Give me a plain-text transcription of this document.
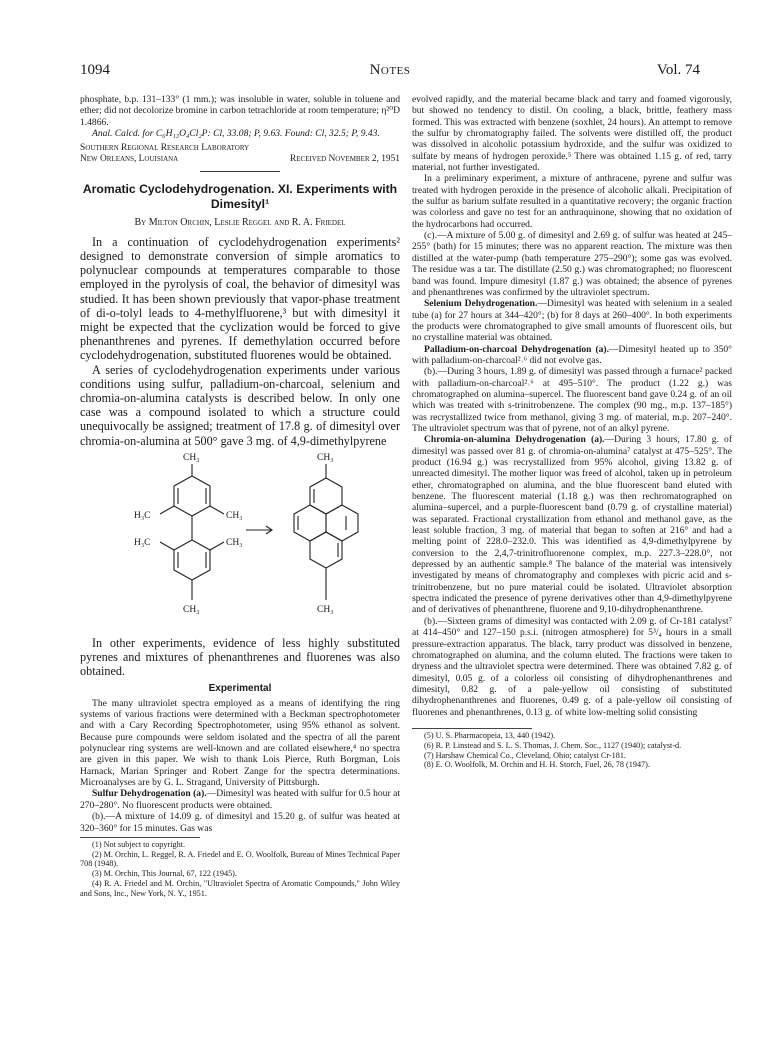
1094	Notes	Vol. 74

phosphate, b.p. 131–133° (1 mm.); was insoluble in water, soluble in toluene and ether; did not decolorize bromine in carbon tetrachloride at room temperature; η²⁰D 1.4866.

Anal. Calcd. for C₆H₁₃O₄Cl₂P: Cl, 33.08; P, 9.63. Found: Cl, 32.5; P, 9.43.

Southern Regional Research Laboratory

New Orleans, Louisiana	Received November 2, 1951
Aromatic Cyclodehydrogenation. XI. Experiments with Dimesityl¹
By Milton Orchin, Leslie Reggel and R. A. Friedel

In a continuation of cyclodehydrogenation experiments² designed to demonstrate conversion of simple aromatics to polynuclear compounds at temperatures comparable to those employed in the pyrolysis of coal, the behavior of dimesityl was studied. It has been shown previously that vapor-phase treatment of di-o-tolyl leads to 4-methylfluorene,³ but with dimesityl it might be expected that the cyclization would be forced to give phenanthrenes and pyrenes. If demethylation occurred before cyclodehydrogenation, substituted fluorenes would be obtained.

A series of cyclodehydrogenation experiments under various conditions using sulfur, palladium-on-charcoal, selenium and chromia-on-alumina catalysts is described below. In only one case was a compound isolated to which a structure could unequivocally be assigned; treatment of 17.8 g. of dimesityl over chromia-on-alumina at 500° gave 3 mg. of 4,9-dimethylpyrene

CH₃	CH₃
H₃C	CH₃
H₃C	CH₃
CH₃	CH₃

In other experiments, evidence of less highly substituted pyrenes and mixtures of phenanthrenes and fluorenes was also obtained.

Experimental

The many ultraviolet spectra employed as a means of identifying the ring systems of various fractions were determined with a Beckman spectrophotometer and with a Cary Recording Spectrophotometer, using 95% ethanol as solvent. Because pure compounds were seldom isolated and the spectra of all the parent polynuclear ring systems are well-known and are collated elsewhere,⁴ no spectra are given in this paper. We wish to thank Lois Pierce, Ruth Borgman, Lois Harnack, Marian Springer and Robert Zange for the spectra determinations. Microanalyses are by G. L. Stragand, University of Pittsburgh.

Sulfur Dehydrogenation (a).—Dimesityl was heated with sulfur for 0.5 hour at 270–280°. No fluorescent products were obtained.

(b).—A mixture of 14.09 g. of dimesityl and 15.20 g. of sulfur was heated at 320–360° for 15 minutes. Gas was

(1) Not subject to copyright.

(2) M. Orchin, L. Reggel, R. A. Friedel and E. O. Woolfolk, Bureau of Mines Technical Paper 708 (1948).

(3) M. Orchin, This Journal, 67, 122 (1945).

(4) R. A. Friedel and M. Orchin, "Ultraviolet Spectra of Aromatic Compounds," John Wiley and Sons, Inc., New York, N. Y., 1951.

evolved rapidly, and the material became black and tarry and foamed vigorously, but showed no tendency to distil. On cooling, a black, brittle, feathery mass formed. This was extracted with benzene (soxhlet, 24 hours). An attempt to remove the sulfur by chromatography failed. The solvents were distilled off, the product was dissolved in alcoholic potassium hydroxide, and the sulfur was oxidized to sulfate by means of hydrogen peroxide.⁵ There was obtained 1.15 g. of red, tarry material, not further investigated.

In a preliminary experiment, a mixture of anthracene, pyrene and sulfur was treated with hydrogen peroxide in the presence of alcoholic alkali. Precipitation of the sulfur as barium sulfate resulted in a quantitative recovery; the organic fraction was colorless and gave no test for an anthraquinone, showing that no oxidation of the hydrocarbons had occurred.

(c).—A mixture of 5.00 g. of dimesityl and 2.69 g. of sulfur was heated at 245–255° (bath) for 15 minutes; there was no apparent reaction. The mixture was then distilled at the water-pump (bath temperature 275–290°); some gas was evolved. The residue was a tar. The distillate (2.50 g.) was chromatographed; no fluorescent band was found. Impure dimesityl (1.87 g.) was obtained; the absence of pyrenes and phenanthrenes was confirmed by the ultraviolet spectrum.

Selenium Dehydrogenation.—Dimesityl was heated with selenium in a sealed tube (a) for 27 hours at 344–420°; (b) for 8 days at 260–400°. In both experiments the products were chromatographed to give small amounts of fluorescent oils, but no crystalline material was obtained.

Palladium-on-charcoal Dehydrogenation (a).—Dimesityl heated up to 350° with palladium-on-charcoal²˒⁶ did not evolve gas.

(b).—During 3 hours, 1.89 g. of dimesityl was passed through a furnace² packed with palladium-on-charcoal²˒⁶ at 495–510°. The product (1.22 g.) was chromatographed on alumina–supercel. The fluorescent band gave 0.24 g. of an oil which was treated with s-trinitrobenzene. The complex (90 mg., m.p. 137–185°) was recrystallized twice from methanol, giving 3 mg. of material, m.p. 207–240°. The ultraviolet spectrum was that of pyrene, not of an alkyl pyrene.

Chromia-on-alumina Dehydrogenation (a).—During 3 hours, 17.80 g. of dimesityl was passed over 81 g. of chromia-on-alumina⁷ catalyst at 475–525°. The product (16.94 g.) was recrystallized from 95% alcohol, giving 13.82 g. of unreacted dimesityl. The mother liquor was freed of alcohol, taken up in petroleum ether, chromatographed on alumina, and the blue fluorescent band eluted with benzene. The fluorescent material (1.18 g.) was then rechromatographed on alumina–supercel, and a purple-fluorescent band (0.79 g. of crystalline material) was separated. Fractional crystallization from ethanol and methanol gave, as the least soluble fraction, 3 mg. of material that began to soften at 216° and had a melting point of 228.0–232.0. This was identified as 4,9-dimethylpyrene by conversion to the 2,4,7-trinitrofluorenone complex, m.p. 227.3–228.0°, not depressed by an authentic sample.⁸ The balance of the material was intensively investigated by means of chromatography and complexes with picric acid and s-trinitrobenzene, but no pure material could be isolated. Ultraviolet absorption spectra indicated the presence of pyrene derivatives other than 4,9-dimethylpyrene and of derivatives of phenanthrene, fluorene and 9,10-dihydrophenanthrene.

(b).—Sixteen grams of dimesityl was contacted with 2.09 g. of Cr-181 catalyst⁷ at 414–450° and 127–150 p.s.i. (nitrogen atmosphere) for 5³/₄ hours in a small pressure-extraction apparatus. The black, tarry product was dissolved in benzene, chromatographed on alumina, and the column eluted. The fractions were taken to dryness and the ultraviolet spectra were determined. There was obtained 7.82 g. of dimesityl, 0.05 g. of a colorless oil consisting of dihydrophenanthrenes and dimesityl, 0.82 g. of a pale-yellow oil consisting of substituted dihydrophenanthrenes and fluorenes, 0.49 g. of a pale-yellow oil consisting of fluorenes and phenanthrenes, 0.13 g. of white low-melting solid consisting

(5) U. S. Pharmacopeia, 13, 440 (1942).

(6) R. P. Linstead and S. L. S. Thomas, J. Chem. Soc., 1127 (1940); catalyst-d.

(7) Harshaw Chemical Co., Cleveland, Ohio; catalyst Cr-181.

(8) E. O. Woolfolk, M. Orchin and H. H. Storch, Fuel, 26, 78 (1947).
